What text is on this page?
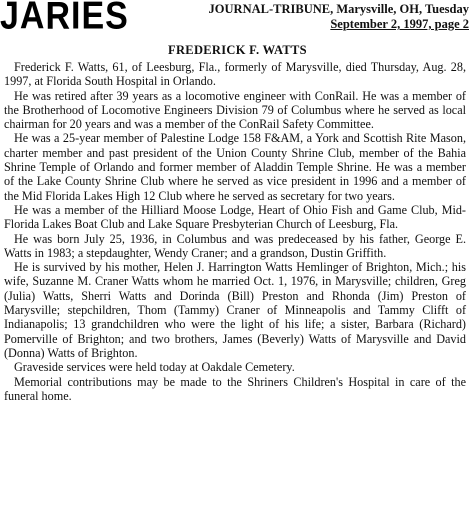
JARIES	JOURNAL-TRIBUNE, Marysville, OH, Tuesday
September 2, 1997, page 2
FREDERICK F. WATTS

Frederick F. Watts, 61, of Leesburg, Fla., formerly of Marysville, died Thursday, Aug. 28, 1997, at Florida South Hospital in Orlando.

He was retired after 39 years as a locomotive engineer with ConRail. He was a member of the Brotherhood of Locomotive Engineers Division 79 of Columbus where he served as local chairman for 20 years and was a member of the ConRail Safety Committee.

He was a 25-year member of Palestine Lodge 158 F&AM, a York and Scottish Rite Mason, charter member and past president of the Union County Shrine Club, member of the Bahia Shrine Temple of Orlando and former member of Aladdin Temple Shrine. He was a member of the Lake County Shrine Club where he served as vice president in 1996 and a member of the Mid Florida Lakes High 12 Club where he served as secretary for two years.

He was a member of the Hilliard Moose Lodge, Heart of Ohio Fish and Game Club, Mid-Florida Lakes Boat Club and Lake Square Presbyterian Church of Leesburg, Fla.

He was born July 25, 1936, in Columbus and was predeceased by his father, George E. Watts in 1983; a stepdaughter, Wendy Craner; and a grandson, Dustin Griffith.

He is survived by his mother, Helen J. Harrington Watts Hemlinger of Brighton, Mich.; his wife, Suzanne M. Craner Watts whom he married Oct. 1, 1976, in Marysville; children, Greg (Julia) Watts, Sherri Watts and Dorinda (Bill) Preston and Rhonda (Jim) Preston of Marysville; stepchildren, Thom (Tammy) Craner of Minneapolis and Tammy Clifft of Indianapolis; 13 grandchildren who were the light of his life; a sister, Barbara (Richard) Pomerville of Brighton; and two brothers, James (Beverly) Watts of Marysville and David (Donna) Watts of Brighton.

Graveside services were held today at Oakdale Cemetery.

Memorial contributions may be made to the Shriners Children's Hospital in care of the funeral home.
